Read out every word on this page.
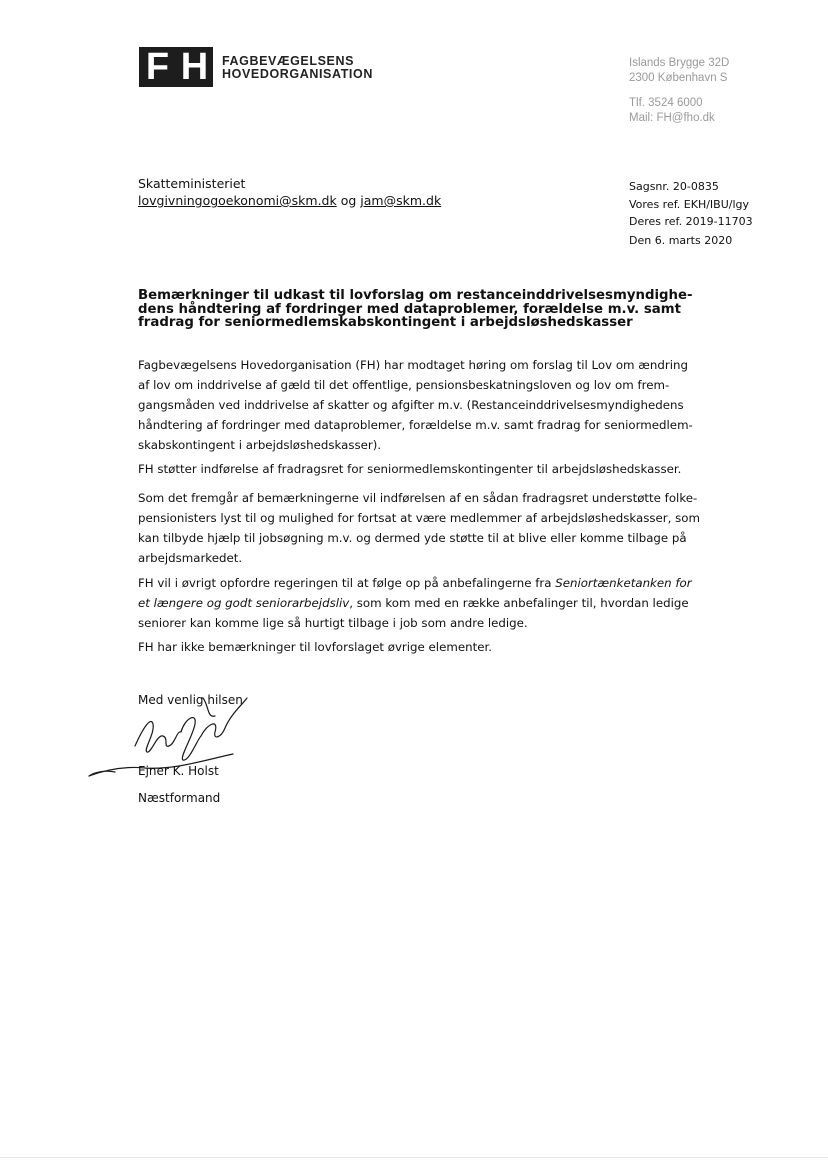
F H FAGBEVÆGELSENS
HOVEDORGANISATION
Islands Brygge 32D
2300 København S
Tlf. 3524 6000
Mail: FH@fho.dk
Skatteministeriet
lovgivningogoekonomi@skm.dk og jam@skm.dk
Sagsnr. 20-0835
Vores ref. EKH/IBU/lgy
Deres ref. 2019-11703
Den 6. marts 2020
Bemærkninger til udkast til lovforslag om restanceinddrivelsesmyndighe-
dens håndtering af fordringer med dataproblemer, forældelse m.v. samt
fradrag for seniormedlemskabskontingent i arbejdsløshedskasser
Fagbevægelsens Hovedorganisation (FH) har modtaget høring om forslag til Lov om ændring
af lov om inddrivelse af gæld til det offentlige, pensionsbeskatningsloven og lov om frem-
gangsmåden ved inddrivelse af skatter og afgifter m.v. (Restanceinddrivelsesmyndighedens
håndtering af fordringer med dataproblemer, forældelse m.v. samt fradrag for seniormedlem-
skabskontingent i arbejdsløshedskasser).
FH støtter indførelse af fradragsret for seniormedlemskontingenter til arbejdsløshedskasser.
Som det fremgår af bemærkningerne vil indførelsen af en sådan fradragsret understøtte folke-
pensionisters lyst til og mulighed for fortsat at være medlemmer af arbejdsløshedskasser, som
kan tilbyde hjælp til jobsøgning m.v. og dermed yde støtte til at blive eller komme tilbage på
arbejdsmarkedet.
FH vil i øvrigt opfordre regeringen til at følge op på anbefalingerne fra Seniortænketanken for
et længere og godt seniorarbejdsliv, som kom med en række anbefalinger til, hvordan ledige
seniorer kan komme lige så hurtigt tilbage i job som andre ledige.
FH har ikke bemærkninger til lovforslaget øvrige elementer.
Med venlig hilsen
Ejner K. Holst
Næstformand
